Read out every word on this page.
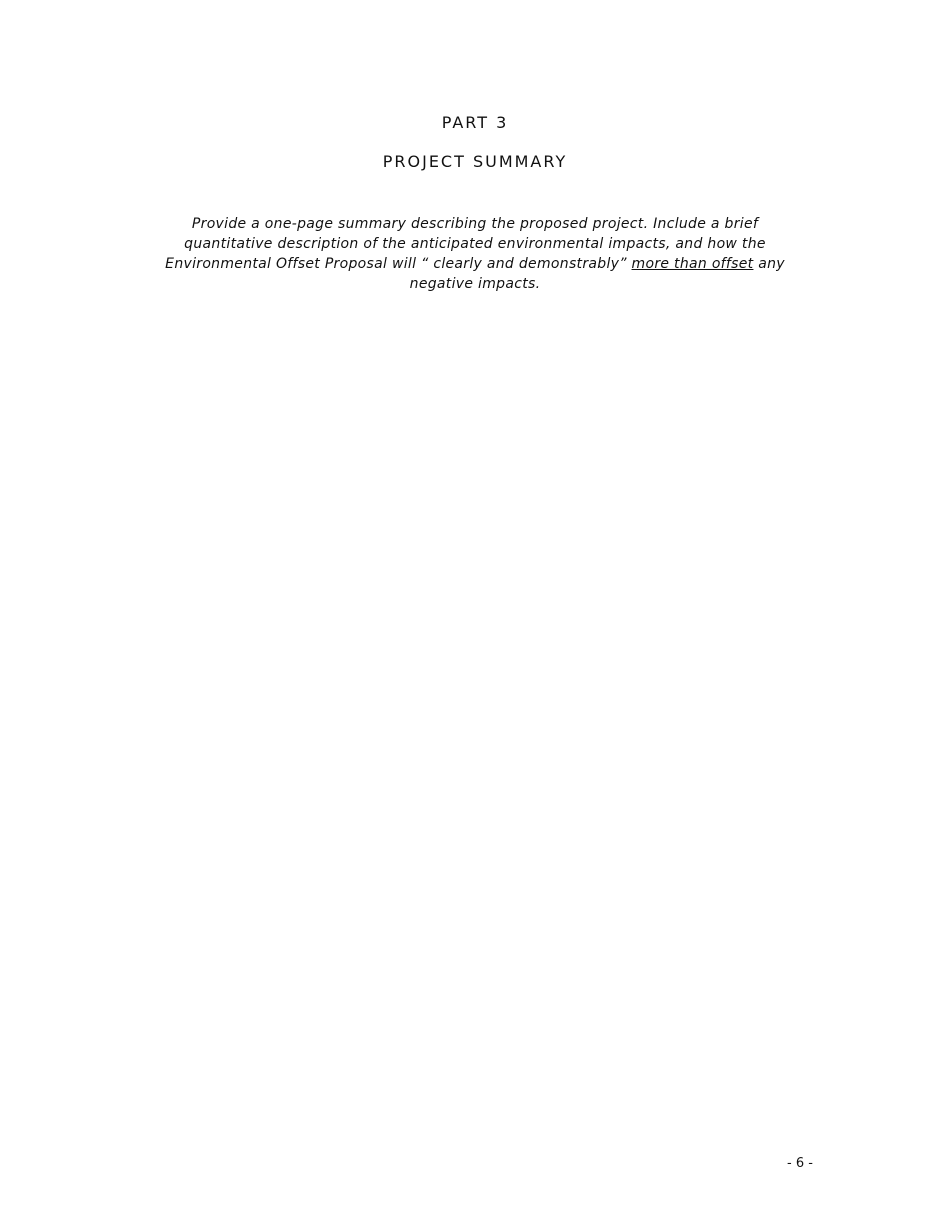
PART 3
PROJECT SUMMARY

Provide a one-page summary describing the proposed project. Include a brief quantitative description of the anticipated environmental impacts, and how the Environmental Offset Proposal will “ clearly and demonstrably” more than offset any negative impacts.

- 6 -
